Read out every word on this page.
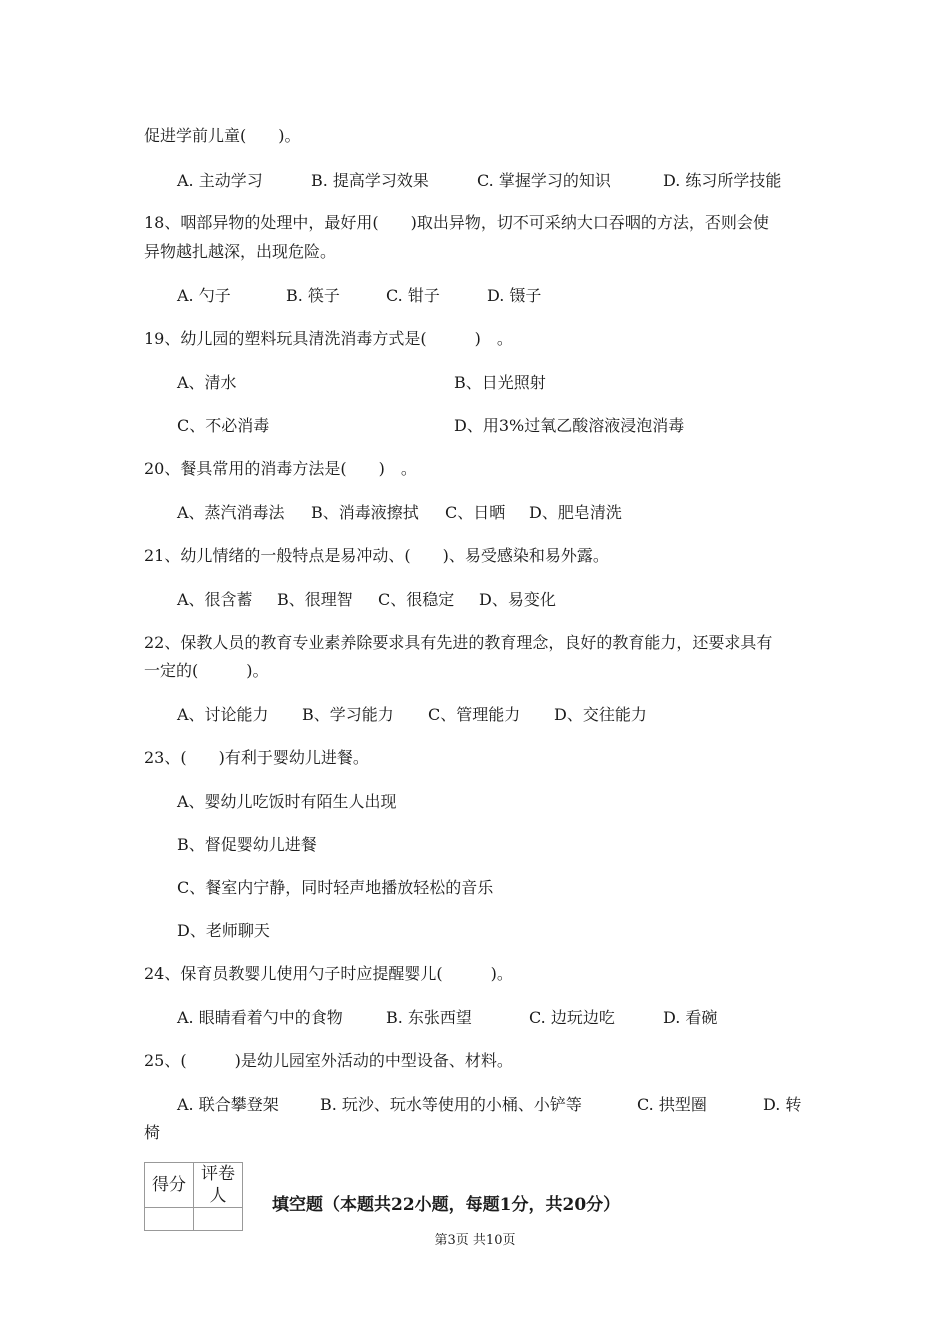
促进学前儿童(　　)。
A. 主动学习	B. 提高学习效果	C. 掌握学习的知识	D. 练习所学技能
18、咽部异物的处理中，最好用(　　)取出异物，切不可采纳大口吞咽的方法，否则会使
异物越扎越深，出现危险。
A. 勺子	B. 筷子	C. 钳子	D. 镊子
19、幼儿园的塑料玩具清洗消毒方式是(　　　)　。
A、清水	B、日光照射
C、不必消毒	D、用3%过氧乙酸溶液浸泡消毒
20、餐具常用的消毒方法是(　　)　。
A、蒸汽消毒法 B、消毒液擦拭 C、日晒 D、肥皂清洗
21、幼儿情绪的一般特点是易冲动、(　　)、易受感染和易外露。
A、很含蓄 B、很理智 C、很稳定 D、易变化
22、保教人员的教育专业素养除要求具有先进的教育理念，良好的教育能力，还要求具有
一定的(　　　)。
A、讨论能力 B、学习能力 C、管理能力 D、交往能力
23、(　　)有利于婴幼儿进餐。
A、婴幼儿吃饭时有陌生人出现
B、督促婴幼儿进餐
C、餐室内宁静，同时轻声地播放轻松的音乐
D、老师聊天
24、保育员教婴儿使用勺子时应提醒婴儿(　　　)。
A. 眼睛看着勺中的食物	B. 东张西望	C. 边玩边吃	D. 看碗
25、(　　　)是幼儿园室外活动的中型设备、材料。
A. 联合攀登架	B. 玩沙、玩水等使用的小桶、小铲等	C. 拱型圈	D. 转
椅
得分	评卷人
		填空题（本题共22小题，每题1分，共20分）
第3页 共10页
